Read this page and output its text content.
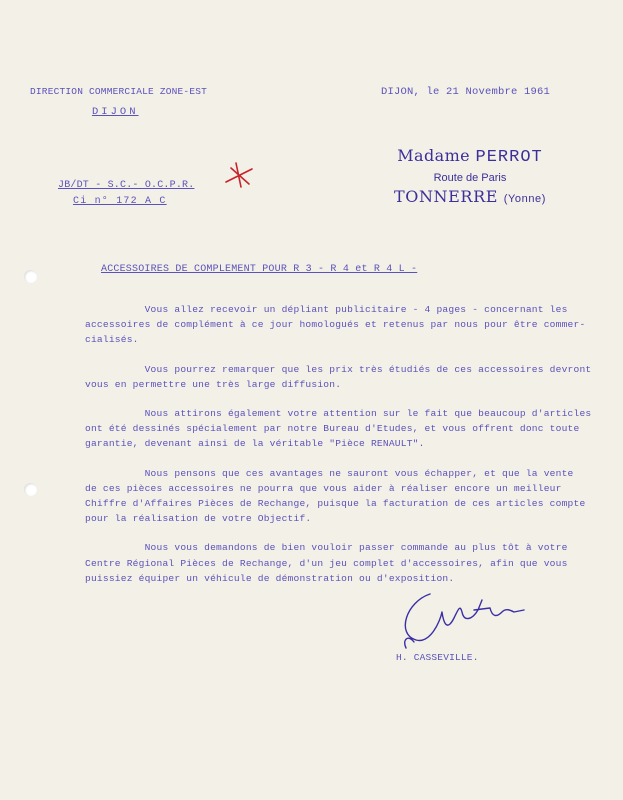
DIRECTION COMMERCIALE ZONE-EST
DIJON
DIJON, le 21 Novembre 1961
JB/DT - S.C.- O.C.P.R.
Ci n° 172 A C
Madame PERROT
Route de Paris
TONNERRE (Yonne)
ACCESSOIRES DE COMPLEMENT POUR R 3 - R 4 et R 4 L -

Vous allez recevoir un dépliant publicitaire - 4 pages - concernant les
accessoires de complément à ce jour homologués et retenus par nous pour être commer-
cialisés.

Vous pourrez remarquer que les prix très étudiés de ces accessoires devront
vous en permettre une très large diffusion.

Nous attirons également votre attention sur le fait que beaucoup d'articles
ont été dessinés spécialement par notre Bureau d'Etudes, et vous offrent donc toute
garantie, devenant ainsi de la véritable "Pièce RENAULT".

Nous pensons que ces avantages ne sauront vous échapper, et que la vente
de ces pièces accessoires ne pourra que vous aider à réaliser encore un meilleur
Chiffre d'Affaires Pièces de Rechange, puisque la facturation de ces articles compte
pour la réalisation de votre Objectif.

Nous vous demandons de bien vouloir passer commande au plus tôt à votre
Centre Régional Pièces de Rechange, d'un jeu complet d'accessoires, afin que vous
puissiez équiper un véhicule de démonstration ou d'exposition.

H. CASSEVILLE.
